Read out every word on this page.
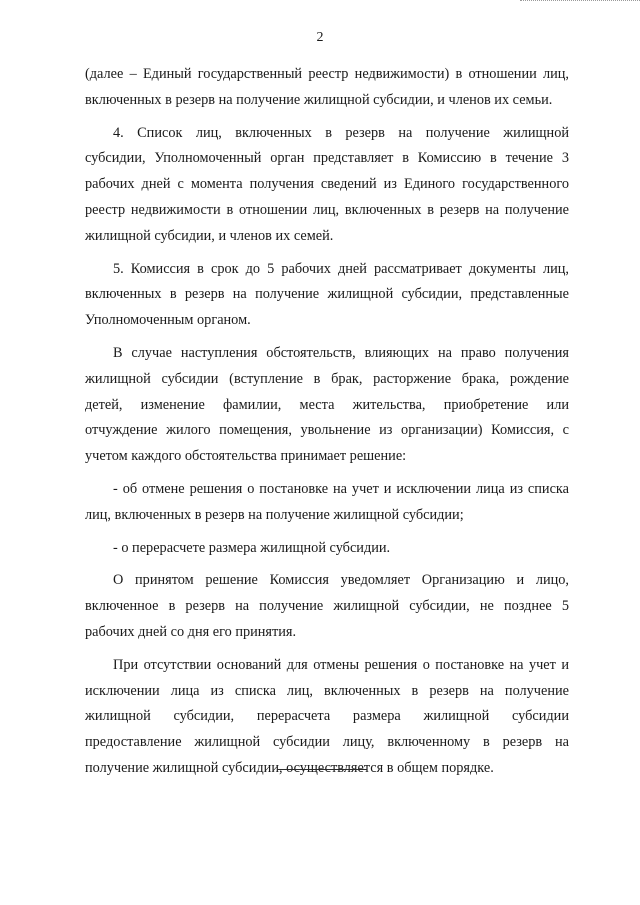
2
(далее – Единый государственный реестр недвижимости) в отношении лиц,
включенных в резерв на получение жилищной субсидии, и членов их семьи.
4. Список лиц, включенных в резерв на получение жилищной
субсидии, Уполномоченный орган представляет в Комиссию в течение 3
рабочих дней с момента получения сведений из Единого государственного
реестр недвижимости в отношении лиц, включенных в резерв на получение
жилищной субсидии, и членов их семей.
5. Комиссия в срок до 5 рабочих дней рассматривает документы лиц,
включенных в резерв на получение жилищной субсидии, представленные
Уполномоченным органом.
В случае наступления обстоятельств, влияющих на право получения
жилищной субсидии (вступление в брак, расторжение брака, рождение
детей, изменение фамилии, места жительства, приобретение или
отчуждение жилого помещения, увольнение из организации) Комиссия, с
учетом каждого обстоятельства принимает решение:
- об отмене решения о постановке на учет и исключении лица из списка
лиц, включенных в резерв на получение жилищной субсидии;
- о перерасчете размера жилищной субсидии.
О принятом решение Комиссия уведомляет Организацию и лицо,
включенное в резерв на получение жилищной субсидии, не позднее 5
рабочих дней со дня его принятия.
При отсутствии оснований для отмены решения о постановке на учет и
исключении лица из списка лиц, включенных в резерв на получение
жилищной субсидии, перерасчета размера жилищной субсидии
предоставление жилищной субсидии лицу, включенному в резерв на
получение жилищной субсидии, осуществляется в общем порядке.
